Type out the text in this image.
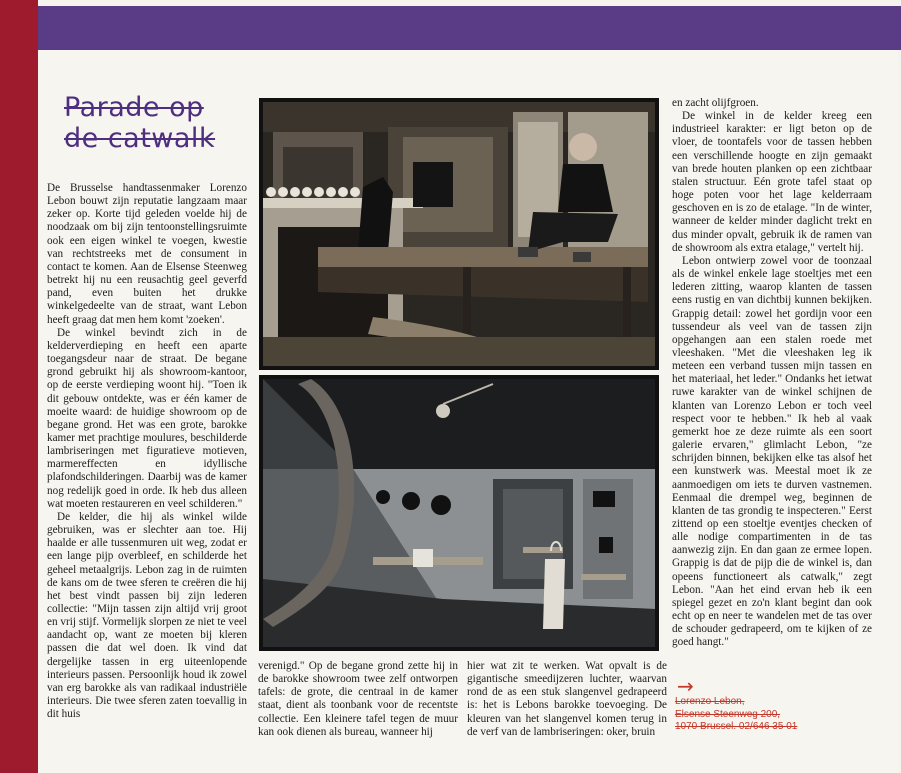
Parade op
de catwalk

De Brusselse handtassenmaker Lorenzo Lebon bouwt zijn reputatie langzaam maar zeker op. Korte tijd geleden voelde hij de noodzaak om bij zijn tentoonstellingsruimte ook een eigen winkel te voegen, kwestie van rechtstreeks met de consument in contact te komen. Aan de Elsense Steenweg betrekt hij nu een reusachtig geel geverfd pand, even buiten het drukke winkelgedeelte van de straat, want Lebon heeft graag dat men hem komt 'zoeken'.

De winkel bevindt zich in de kelderverdieping en heeft een aparte toegangsdeur naar de straat. De begane grond gebruikt hij als showroom-kantoor, op de eerste verdieping woont hij. "Toen ik dit gebouw ontdekte, was er één kamer de moeite waard: de huidige showroom op de begane grond. Het was een grote, barokke kamer met prachtige moulures, beschilderde lambriseringen met figuratieve motieven, marmereffecten en idyllische plafondschilderingen. Daarbij was de kamer nog redelijk goed in orde. Ik heb dus alleen wat moeten restaureren en veel schilderen."

De kelder, die hij als winkel wilde gebruiken, was er slechter aan toe. Hij haalde er alle tussenmuren uit weg, zodat er een lange pijp overbleef, en schilderde het geheel metaalgrijs. Lebon zag in de ruimten de kans om de twee sferen te creëren die hij het best vindt passen bij zijn lederen collectie: "Mijn tassen zijn altijd vrij groot en vrij stijf. Vormelijk slorpen ze niet te veel aandacht op, want ze moeten bij kleren passen die dat wel doen. Ik vind dat dergelijke tassen in erg uiteenlopende interieurs passen. Persoonlijk houd ik zowel van erg barokke als van radikaal industriële interieurs. Die twee sferen zaten toevallig in dit huis

verenigd." Op de begane grond zette hij in de barokke showroom twee zelf ontworpen tafels: de grote, die centraal in de kamer staat, dient als toonbank voor de recentste collectie. Een kleinere tafel tegen de muur kan ook dienen als bureau, wanneer hij

hier wat zit te werken. Wat opvalt is de gigantische smeedijzeren luchter, waarvan rond de as een stuk slangenvel gedrapeerd is: het is Lebons barokke toevoeging. De kleuren van het slangenvel komen terug in de verf van de lambriseringen: oker, bruin

en zacht olijfgroen.

De winkel in de kelder kreeg een industrieel karakter: er ligt beton op de vloer, de toontafels voor de tassen hebben een verschillende hoogte en zijn gemaakt van brede houten planken op een zichtbaar stalen structuur. Eén grote tafel staat op hoge poten voor het lage kelderraam geschoven en is zo de etalage. "In de winter, wanneer de kelder minder daglicht trekt en dus minder opvalt, gebruik ik de ramen van de showroom als extra etalage," vertelt hij.

Lebon ontwierp zowel voor de toonzaal als de winkel enkele lage stoeltjes met een lederen zitting, waarop klanten de tassen eens rustig en van dichtbij kunnen bekijken. Grappig detail: zowel het gordijn voor een tussendeur als veel van de tassen zijn opgehangen aan een stalen roede met vleeshaken. "Met die vleeshaken leg ik meteen een verband tussen mijn tassen en het materiaal, het leder." Ondanks het ietwat ruwe karakter van de winkel schijnen de klanten van Lorenzo Lebon er toch veel respect voor te hebben." Ik heb al vaak gemerkt hoe ze deze ruimte als een soort galerie ervaren," glimlacht Lebon, "ze schrijden binnen, bekijken elke tas alsof het een kunstwerk was. Meestal moet ik ze aanmoedigen om iets te durven vastnemen. Eenmaal die drempel weg, beginnen de klanten de tas grondig te inspecteren." Eerst zittend op een stoeltje eventjes checken of alle nodige compartimenten in de tas aanwezig zijn. En dan gaan ze ermee lopen. Grappig is dat de pijp die de winkel is, dan opeens functioneert als catwalk," zegt Lebon. "Aan het eind ervan heb ik een spiegel gezet en zo'n klant begint dan ook echt op en neer te wandelen met de tas over de schouder gedrapeerd, om te kijken of ze goed hangt."

→
Lorenzo Lebon,
Elsense Steenweg 200,
1070 Brussel. 02/646 35 01
